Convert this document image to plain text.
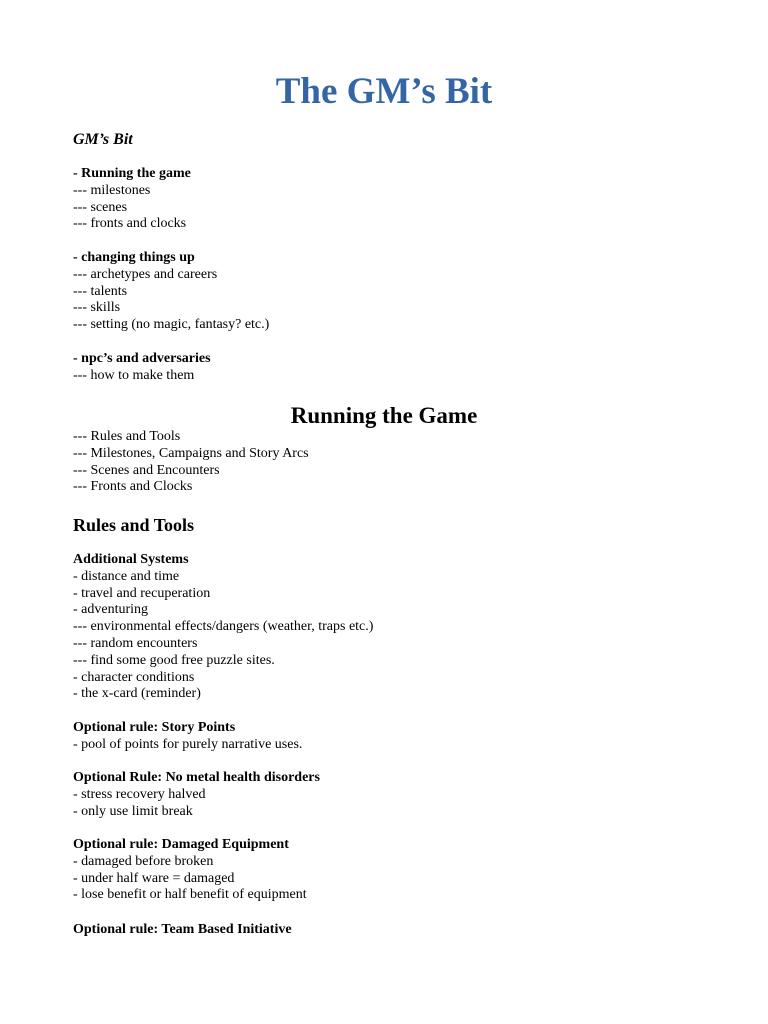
The GM’s Bit
GM’s Bit
- Running the game
--- milestones
--- scenes
--- fronts and clocks
- changing things up
--- archetypes and careers
--- talents
--- skills
--- setting (no magic, fantasy? etc.)
- npc’s and adversaries
--- how to make them
Running the Game
--- Rules and Tools
--- Milestones, Campaigns and Story Arcs
--- Scenes and Encounters
--- Fronts and Clocks
Rules and Tools
Additional Systems
- distance and time
- travel and recuperation
- adventuring
--- environmental effects/dangers (weather, traps etc.)
--- random encounters
--- find some good free puzzle sites.
- character conditions
- the x-card (reminder)
Optional rule: Story Points
- pool of points for purely narrative uses.
Optional Rule: No metal health disorders
- stress recovery halved
- only use limit break
Optional rule: Damaged Equipment
- damaged before broken
- under half ware = damaged
- lose benefit or half benefit of equipment
Optional rule: Team Based Initiative
